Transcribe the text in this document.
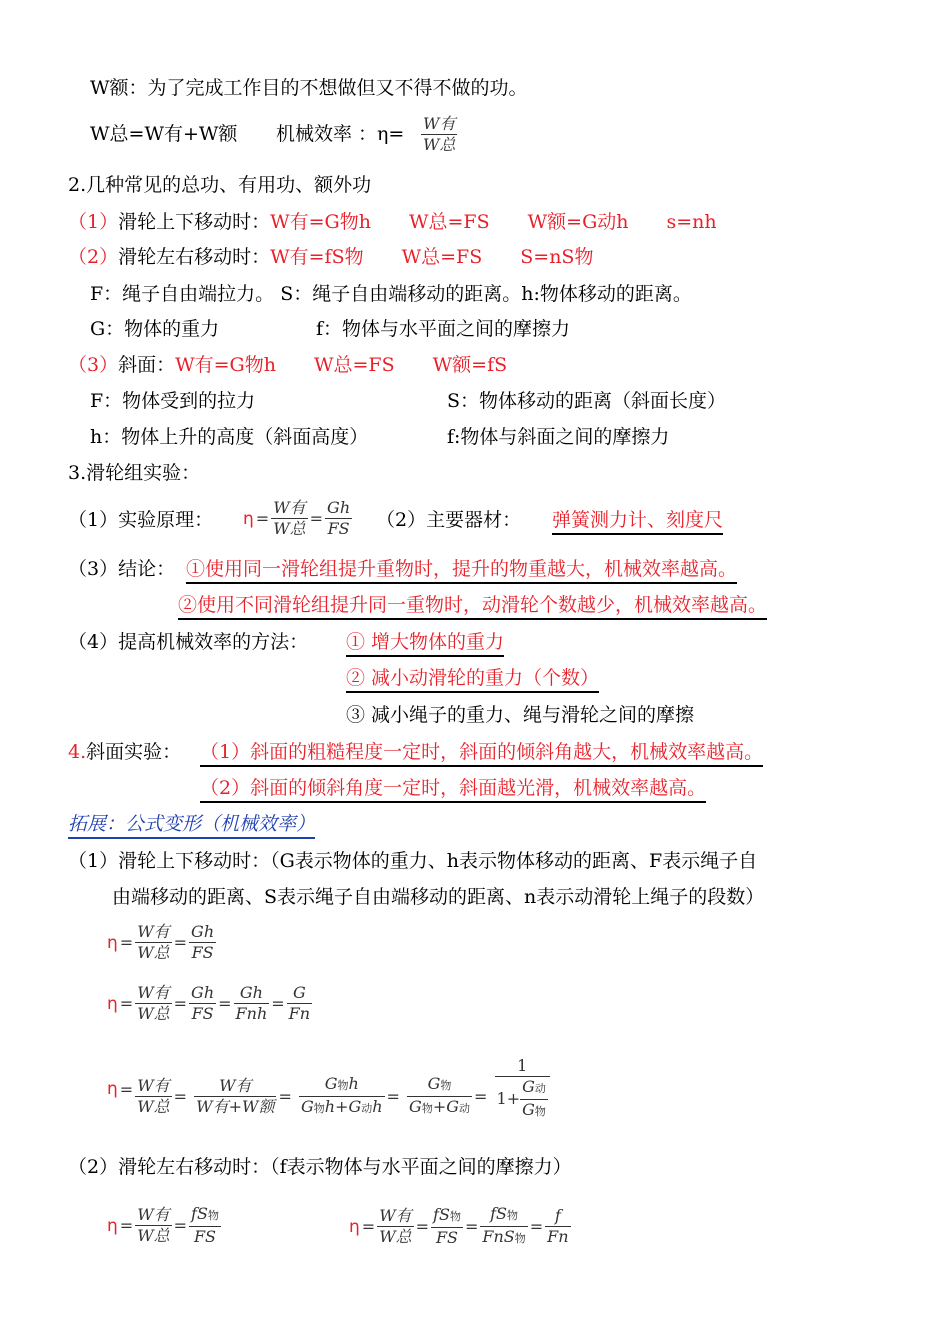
W额：为了完成工作目的不想做但又不得不做的功。
W总=W有+W额 机械效率 ：$\eta= \frac{\text{W有}}{\text{W总}}$
2.几种常见的总功、有用功、额外功
（1）滑轮上下移动时：W有=G物h　　W总=FS　　W额=G动h　　s=nh
（2）滑轮左右移动时：W有=fS物　　W总=FS　　S=nS物
F：绳子自由端拉力。 S：绳子自由端移动的距离。h:物体移动的距离。
G：物体的重力	f：物体与水平面之间的摩擦力
（3）斜面：W有=G物h　　W总=FS　　W额=fS
F：物体受到的拉力	S：物体移动的距离（斜面长度）
h：物体上升的高度（斜面高度）	f:物体与斜面之间的摩擦力
3.滑轮组实验：
（1）实验原理： $\eta = \frac{\text{W有}}{\text{W总}} = \frac{Gh}{FS} (2)$主要器材： 弹簧测力计、刻度尺
（3）结论： ①使用同一滑轮组提升重物时，提升的物重越大，机械效率越高。
②使用不同滑轮组提升同一重物时，动滑轮个数越少，机械效率越高。
（4）提高机械效率的方法： ① 增大物体的重力
② 减小动滑轮的重力（个数）
③ 减小绳子的重力、绳与滑轮之间的摩擦
4.斜面实验： （1）斜面的粗糙程度一定时，斜面的倾斜角越大，机械效率越高。
（2）斜面的倾斜角度一定时，斜面越光滑，机械效率越高。
拓展：公式变形（机械效率）
（1）滑轮上下移动时：（G表示物体的重力、h表示物体移动的距离、F表示绳子自
由端移动的距离、S表示绳子自由端移动的距离、n表示动滑轮上绳子的段数）
$\eta = \frac{\text{W有}}{\text{W总}} = \frac{Gh}{FS}$
$\eta = \frac{\text{W有}}{\text{W总}} = \frac{Gh}{FS} = \frac{Gh}{\text{Fnh}} = \frac{G}{Fn}$
$\eta = \frac{\text{W有}}{\text{W总}} = \frac{\text{W有}}{\text{W有+W额}} = \frac{\text{G物h}}{\text{G物h+G动h}} = \frac{\text{G物}}{\text{G物+G动}} = \frac{1}{1+ \frac{\text{G动}}{\text{G物}}}$
（2）滑轮左右移动时：（f表示物体与水平面之间的摩擦力）
$\eta = \frac{\text{W有}}{\text{W总}} = \frac{\text{fS物}}{FS}$	$\eta = \frac{\text{W有}}{\text{W总}} = \frac{\text{fS物}}{FS} = \frac{\text{fS物}}{\text{FnS物}} = \frac{f}{Fn}$
